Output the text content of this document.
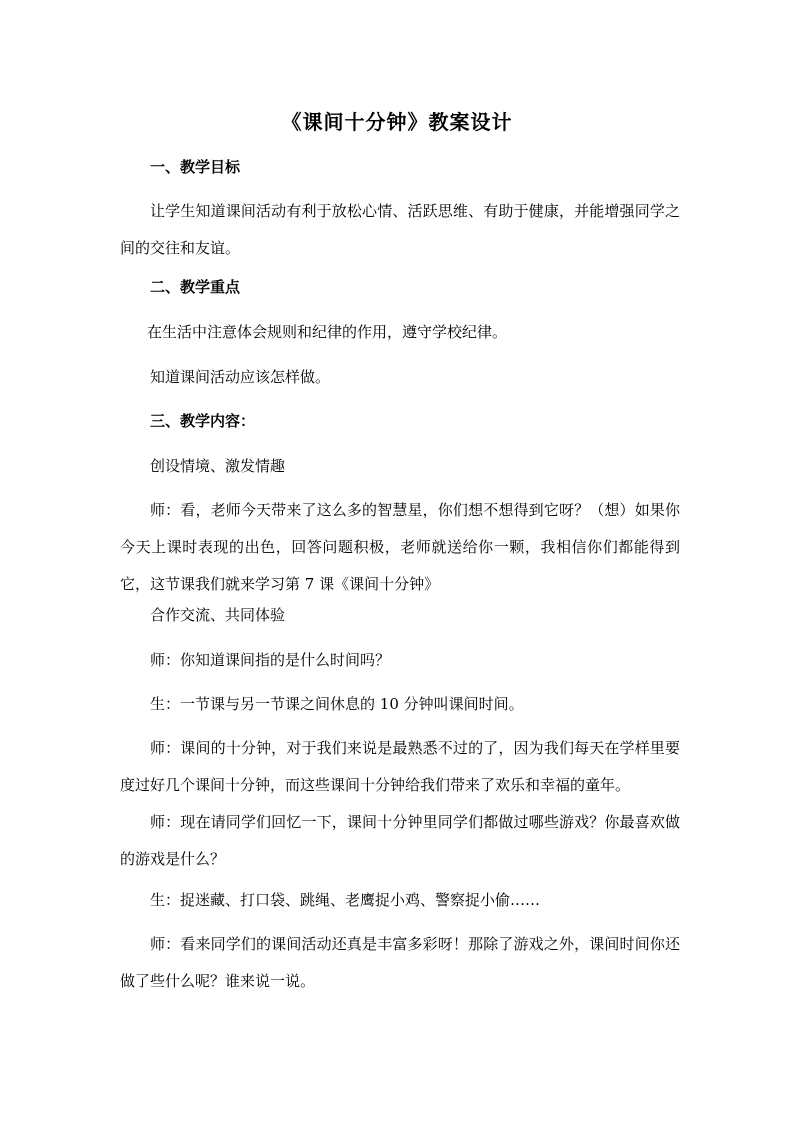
《课间十分钟》教案设计
一、教学目标

让学生知道课间活动有利于放松心情、活跃思维、有助于健康，并能增强同学之间的交往和友谊。

二、教学重点

在生活中注意体会规则和纪律的作用，遵守学校纪律。

知道课间活动应该怎样做。

三、教学内容：

创设情境、激发情趣

师：看，老师今天带来了这么多的智慧星，你们想不想得到它呀？（想）如果你今天上课时表现的出色，回答问题积极，老师就送给你一颗，我相信你们都能得到它，这节课我们就来学习第 7 课《课间十分钟》

合作交流、共同体验

师：你知道课间指的是什么时间吗？

生：一节课与另一节课之间休息的 10 分钟叫课间时间。

师：课间的十分钟，对于我们来说是最熟悉不过的了，因为我们每天在学样里要度过好几个课间十分钟，而这些课间十分钟给我们带来了欢乐和幸福的童年。

师：现在请同学们回忆一下，课间十分钟里同学们都做过哪些游戏？你最喜欢做的游戏是什么？

生：捉迷藏、打口袋、跳绳、老鹰捉小鸡、警察捉小偷……

师：看来同学们的课间活动还真是丰富多彩呀！那除了游戏之外，课间时间你还做了些什么呢？谁来说一说。
